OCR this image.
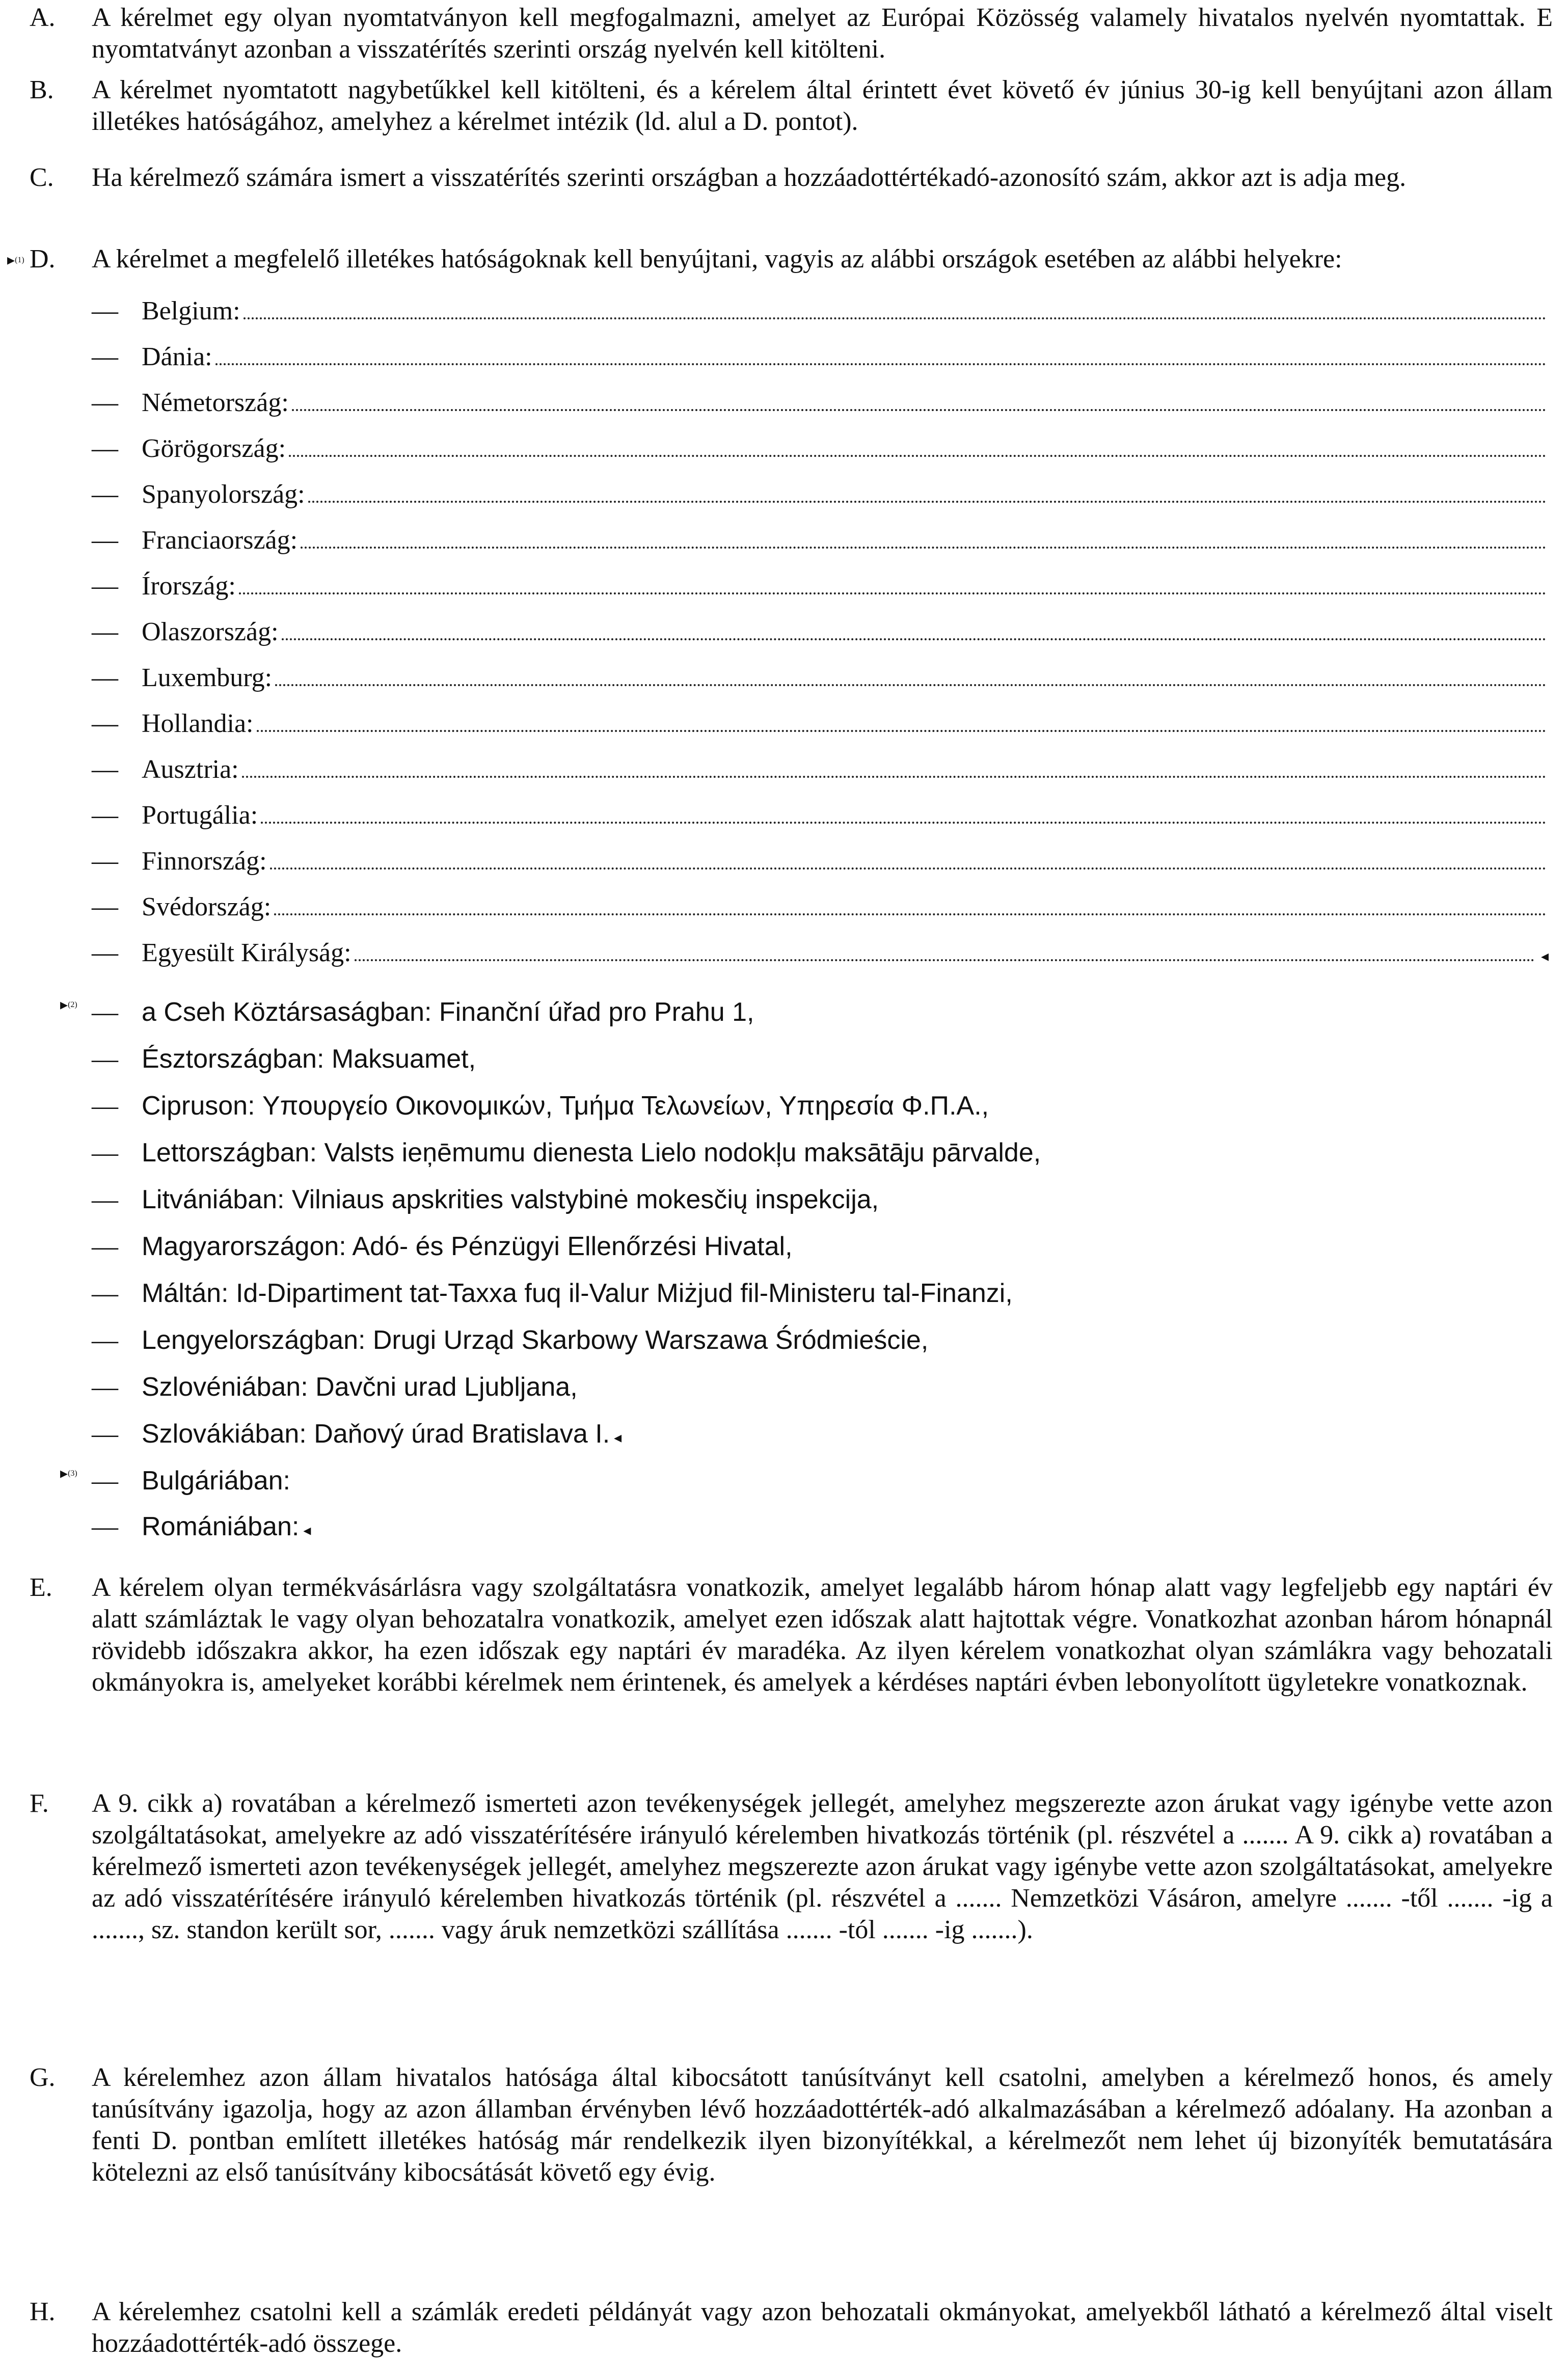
A.	A kérelmet egy olyan nyomtatványon kell megfogalmazni, amelyet az Európai Közösség valamely hivatalos nyelvén nyomtattak. E nyomtatványt azonban a visszatérítés szerinti ország nyelvén kell kitölteni.
B.	A kérelmet nyomtatott nagybetűkkel kell kitölteni, és a kérelem által érintett évet követő év június 30-ig kell benyújtani azon állam illetékes hatóságához, amelyhez a kérelmet intézik (ld. alul a D. pontot).
C.	Ha kérelmező számára ismert a visszatérítés szerinti országban a hozzáadottértékadó-azonosító szám, akkor azt is adja meg.
▸$^{(1)}$ D.	A kérelmet a megfelelő illetékes hatóságoknak kell benyújtani, vagyis az alábbi országok esetében az alábbi helyekre:
— Belgium:
— Dánia:
— Németország:
— Görögország:
— Spanyolország:
— Franciaország:
— Írország:
— Olaszország:
— Luxemburg:
— Hollandia:
— Ausztria:
— Portugália:
— Finnország:
— Svédország:
— Egyesült Királyság:	◂
▸$^{(2)}$ — a Cseh Köztársaságban: Finanční úřad pro Prahu 1,
— Észtországban: Maksuamet,
— Cipruson: Υπουργείο Οικονομικών, Τμήμα Τελωνείων, Υπηρεσία Φ.Π.Α.,
— Lettországban: Valsts ieņēmumu dienesta Lielo nodokļu maksātāju pārvalde,
— Litvániában: Vilniaus apskrities valstybinė mokesčių inspekcija,
— Magyarországon: Adó- és Pénzügyi Ellenőrzési Hivatal,
— Máltán: Id-Dipartiment tat-Taxxa fuq il-Valur Miżjud fil-Ministeru tal-Finanzi,
— Lengyelországban: Drugi Urząd Skarbowy Warszawa Śródmieście,
— Szlovéniában: Davčni urad Ljubljana,
— Szlovákiában: Daňový úrad Bratislava I. ◂
▸$^{(3)}$ — Bulgáriában:
— Romániában: ◂
E.	A kérelem olyan termékvásárlásra vagy szolgáltatásra vonatkozik, amelyet legalább három hónap alatt vagy legfeljebb egy naptári év alatt számláztak le vagy olyan behozatalra vonatkozik, amelyet ezen időszak alatt hajtottak végre. Vonatkozhat azonban három hónapnál rövidebb időszakra akkor, ha ezen időszak egy naptári év maradéka. Az ilyen kérelem vonatkozhat olyan számlákra vagy behozatali okmányokra is, amelyeket korábbi kérelmek nem érintenek, és amelyek a kérdéses naptári évben lebonyolított ügyletekre vonatkoznak.
F.	A 9. cikk a) rovatában a kérelmező ismerteti azon tevékenységek jellegét, amelyhez megszerezte azon árukat vagy igénybe vette azon szolgáltatásokat, amelyekre az adó visszatérítésére irányuló kérelemben hivatkozás történik (pl. részvétel a ....... A 9. cikk a) rovatában a kérelmező ismerteti azon tevékenységek jellegét, amelyhez megszerezte azon árukat vagy igénybe vette azon szolgáltatásokat, amelyekre az adó visszatérítésére irányuló kérelemben hivatkozás történik (pl. részvétel a ....... Nemzetközi Vásáron, amelyre ....... -től ....... -ig a ......., sz. standon került sor, ....... vagy áruk nemzetközi szállítása ....... -tól ....... -ig .......).
G.	A kérelemhez azon állam hivatalos hatósága által kibocsátott tanúsítványt kell csatolni, amelyben a kérelmező honos, és amely tanúsítvány igazolja, hogy az azon államban érvényben lévő hozzáadottérték-adó alkalmazásában a kérelmező adóalany. Ha azonban a fenti D. pontban említett illetékes hatóság már rendelkezik ilyen bizonyítékkal, a kérelmezőt nem lehet új bizonyíték bemutatására kötelezni az első tanúsítvány kibocsátását követő egy évig.
H.	A kérelemhez csatolni kell a számlák eredeti példányát vagy azon behozatali okmányokat, amelyekből látható a kérelmező által viselt hozzáadottérték-adó összege.
